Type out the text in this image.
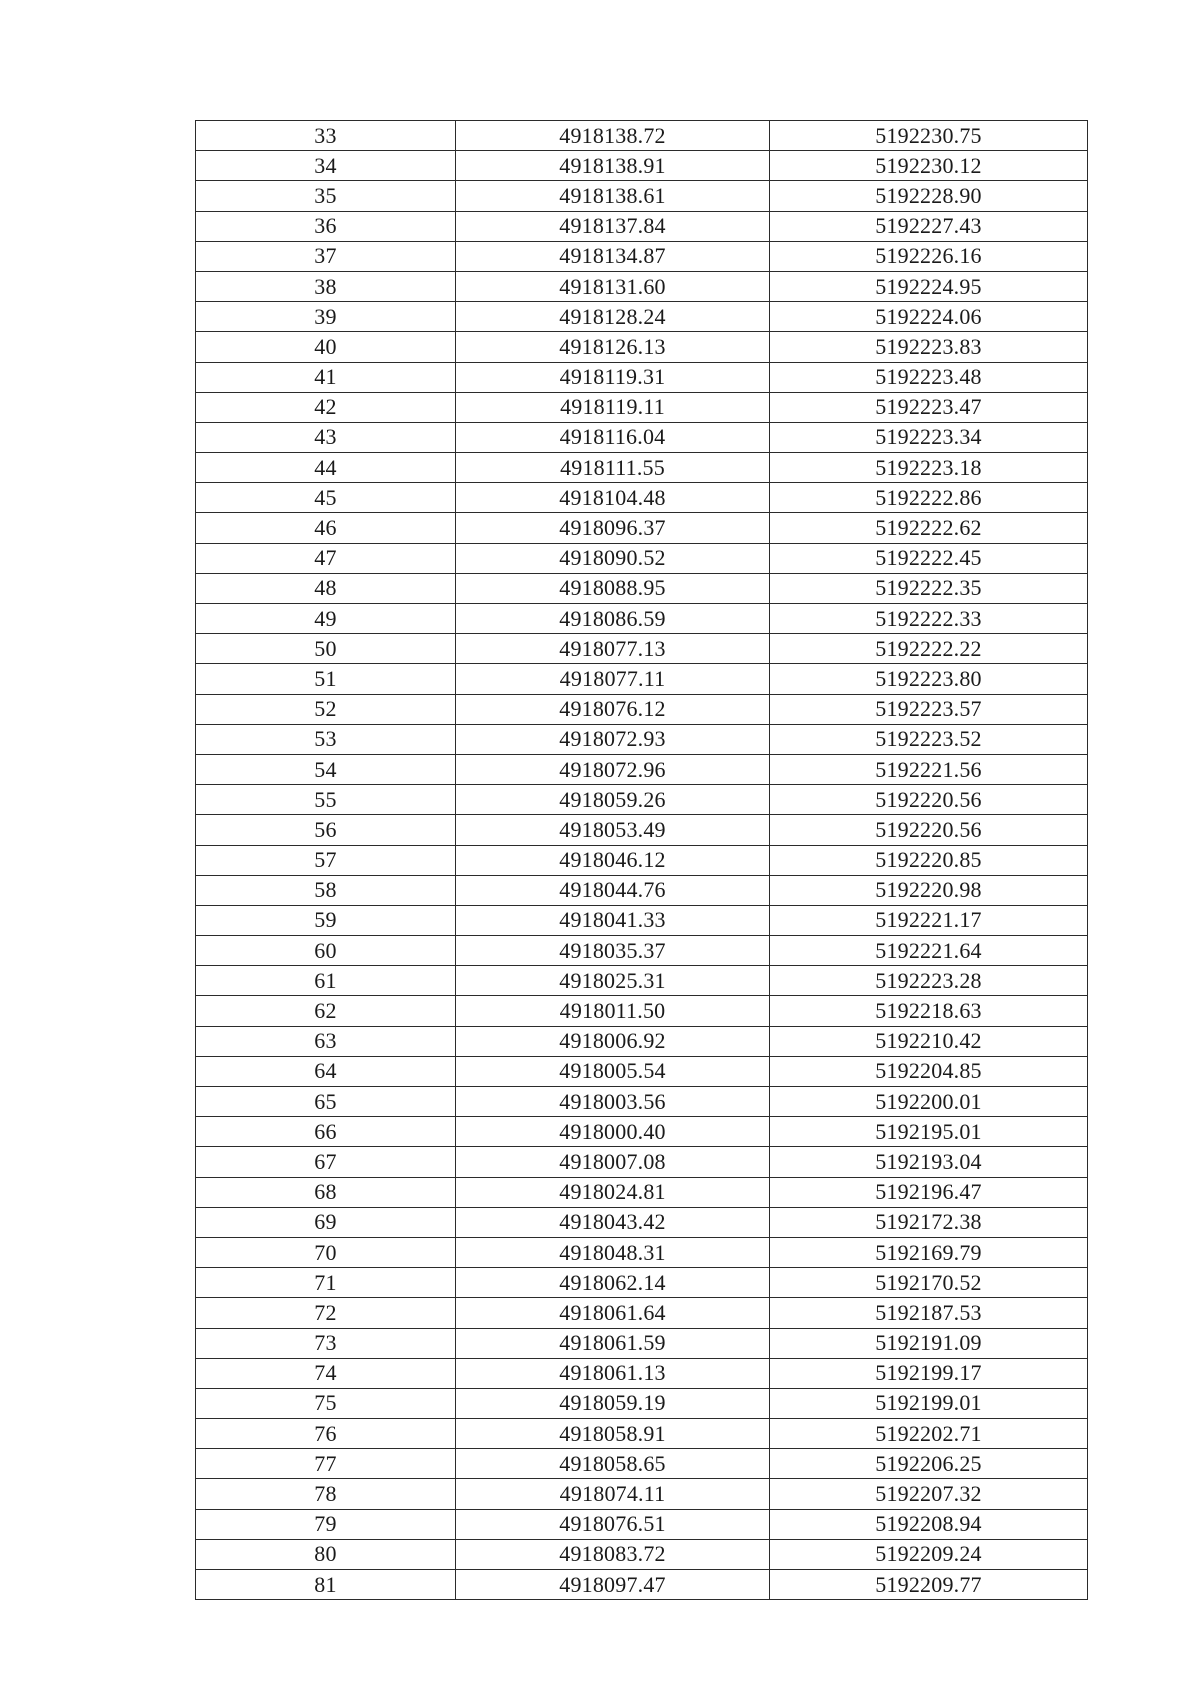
33	4918138.72	5192230.75
34	4918138.91	5192230.12
35	4918138.61	5192228.90
36	4918137.84	5192227.43
37	4918134.87	5192226.16
38	4918131.60	5192224.95
39	4918128.24	5192224.06
40	4918126.13	5192223.83
41	4918119.31	5192223.48
42	4918119.11	5192223.47
43	4918116.04	5192223.34
44	4918111.55	5192223.18
45	4918104.48	5192222.86
46	4918096.37	5192222.62
47	4918090.52	5192222.45
48	4918088.95	5192222.35
49	4918086.59	5192222.33
50	4918077.13	5192222.22
51	4918077.11	5192223.80
52	4918076.12	5192223.57
53	4918072.93	5192223.52
54	4918072.96	5192221.56
55	4918059.26	5192220.56
56	4918053.49	5192220.56
57	4918046.12	5192220.85
58	4918044.76	5192220.98
59	4918041.33	5192221.17
60	4918035.37	5192221.64
61	4918025.31	5192223.28
62	4918011.50	5192218.63
63	4918006.92	5192210.42
64	4918005.54	5192204.85
65	4918003.56	5192200.01
66	4918000.40	5192195.01
67	4918007.08	5192193.04
68	4918024.81	5192196.47
69	4918043.42	5192172.38
70	4918048.31	5192169.79
71	4918062.14	5192170.52
72	4918061.64	5192187.53
73	4918061.59	5192191.09
74	4918061.13	5192199.17
75	4918059.19	5192199.01
76	4918058.91	5192202.71
77	4918058.65	5192206.25
78	4918074.11	5192207.32
79	4918076.51	5192208.94
80	4918083.72	5192209.24
81	4918097.47	5192209.77
